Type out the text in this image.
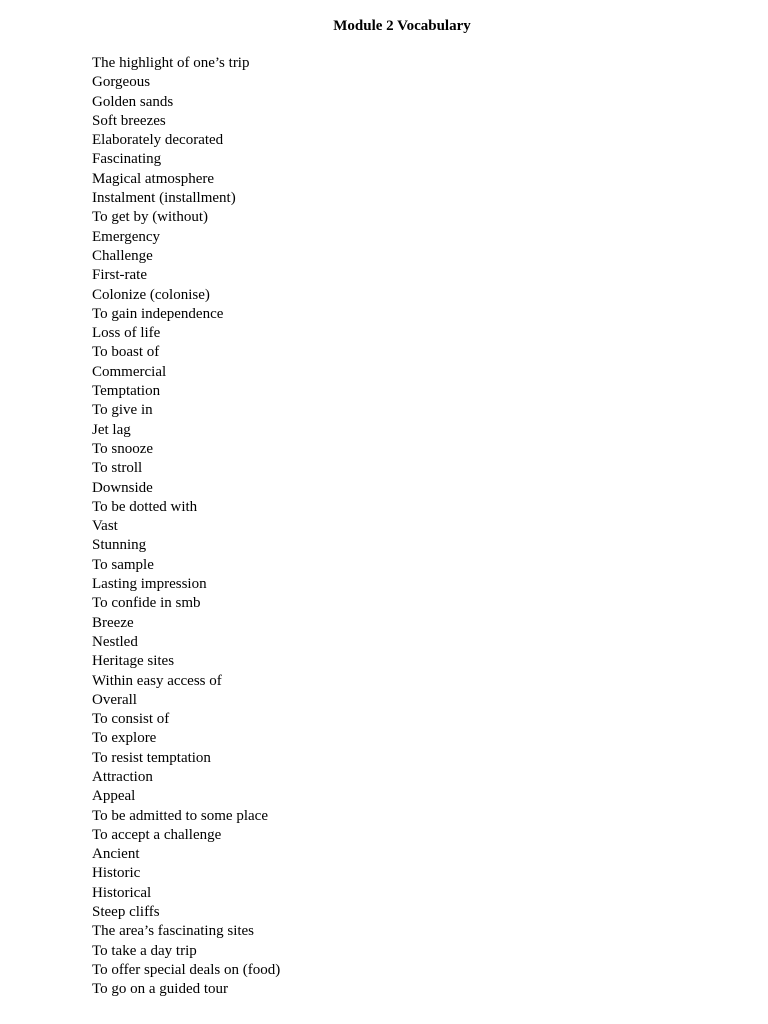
Module 2 Vocabulary
The highlight of one’s trip
Gorgeous
Golden sands
Soft breezes
Elaborately decorated
Fascinating
Magical atmosphere
Instalment (installment)
To get by (without)
Emergency
Challenge
First-rate
Colonize (colonise)
To gain independence
Loss of life
To boast of
Commercial
Temptation
To give in
Jet lag
To snooze
To stroll
Downside
To be dotted with
Vast
Stunning
To sample
Lasting impression
To confide in smb
Breeze
Nestled
Heritage sites
Within easy access of
Overall
To consist of
To explore
To resist temptation
Attraction
Appeal
To be admitted to some place
To accept a challenge
Ancient
Historic
Historical
Steep cliffs
The area’s fascinating sites
To take a day trip
To offer special deals on (food)
To go on a guided tour
